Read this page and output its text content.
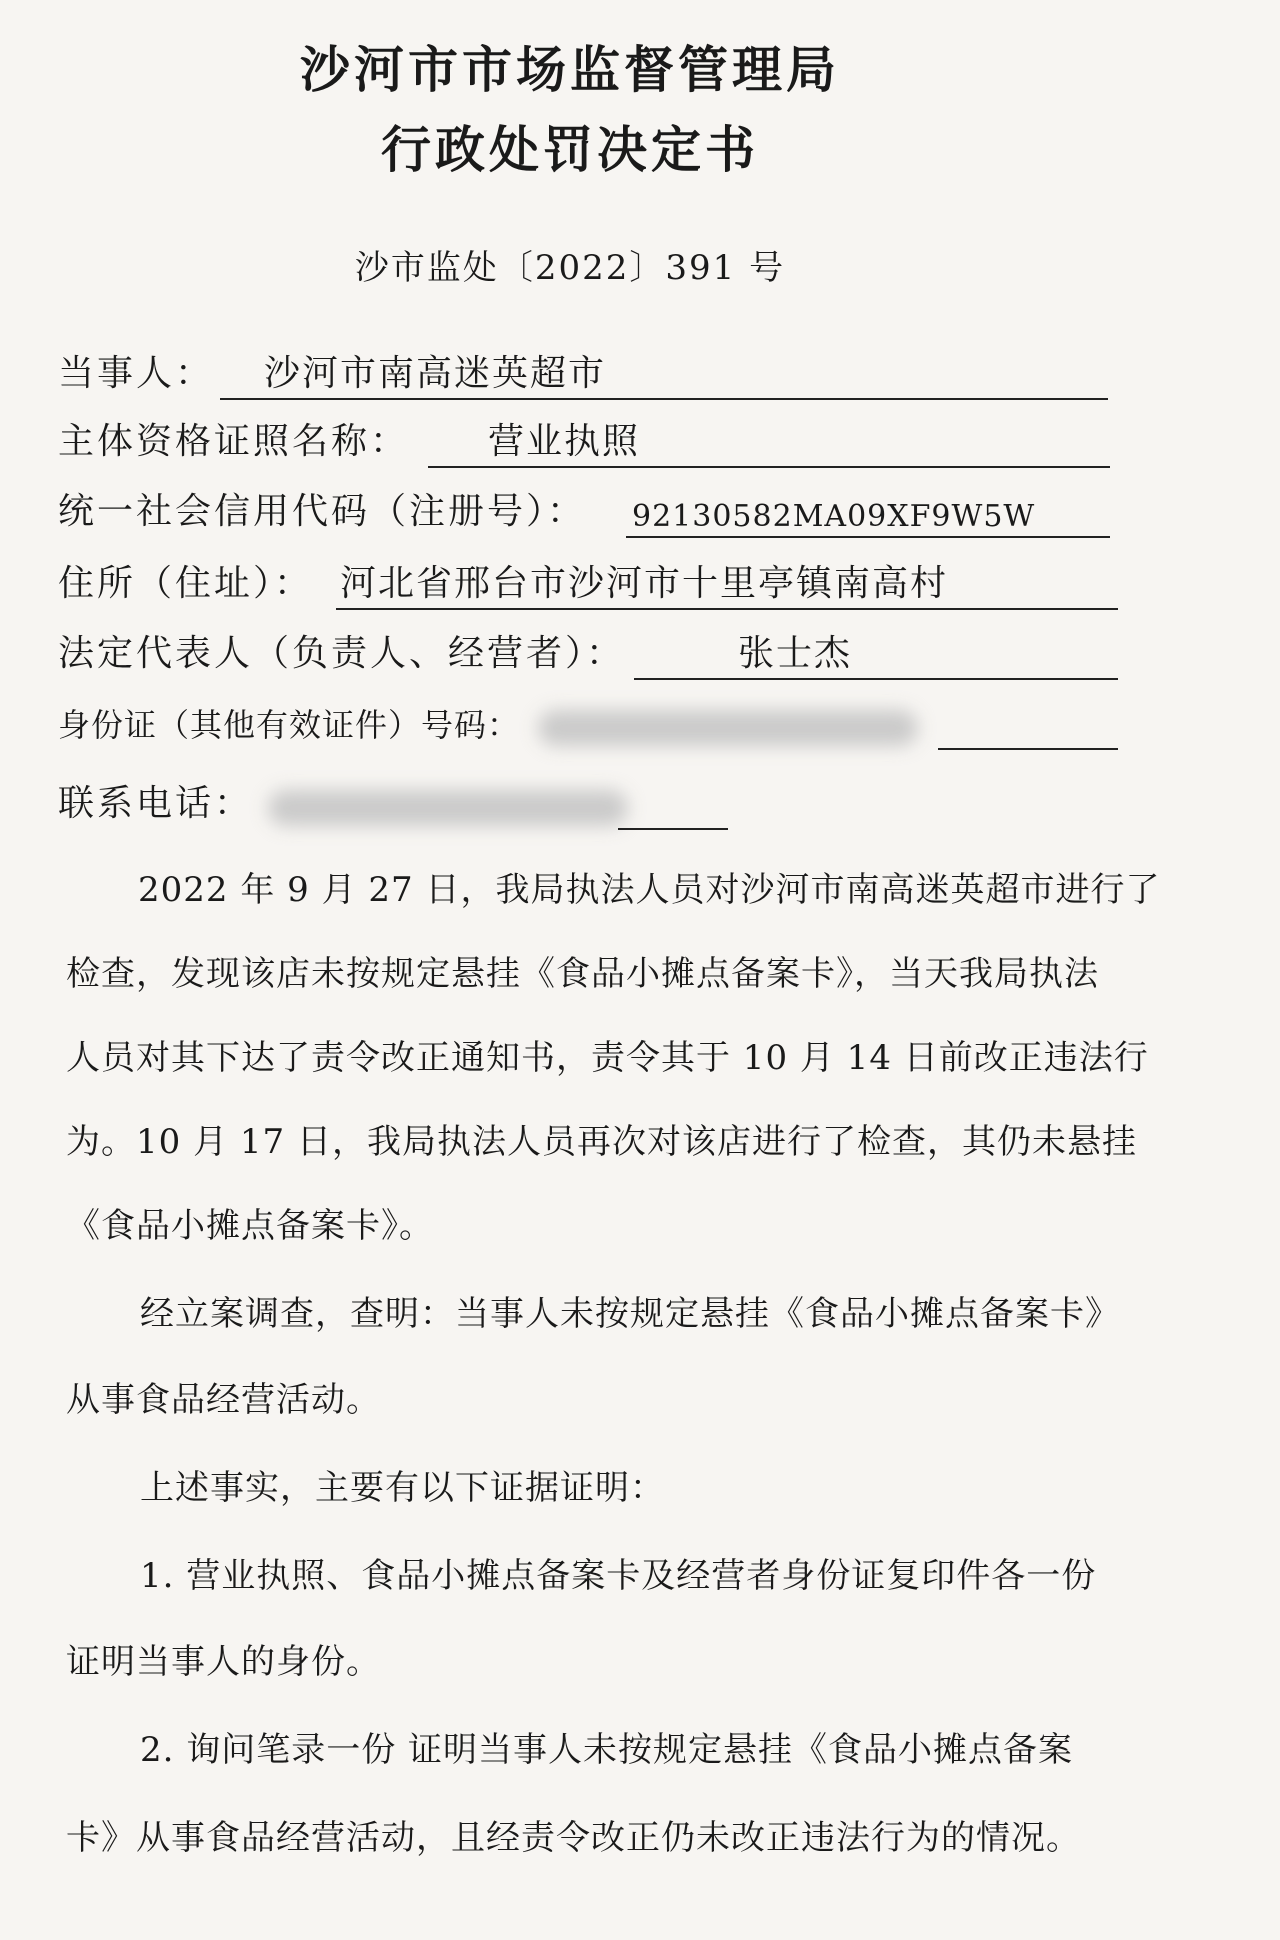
沙河市市场监督管理局
行政处罚决定书
沙市监处〔2022〕391 号
当事人： 沙河市南高迷英超市
主体资格证照名称： 营业执照
统一社会信用代码（注册号）： 92130582MA09XF9W5W
住所（住址）： 河北省邢台市沙河市十里亭镇南高村
法定代表人（负责人、经营者）：	张士杰
身份证（其他有效证件）号码：
联系电话：
2022 年 9 月 27 日，我局执法人员对沙河市南高迷英超市进行了
检查，发现该店未按规定悬挂《食品小摊点备案卡》，当天我局执法
人员对其下达了责令改正通知书，责令其于 10 月 14 日前改正违法行
为。10 月 17 日，我局执法人员再次对该店进行了检查，其仍未悬挂
《食品小摊点备案卡》。
经立案调查，查明：当事人未按规定悬挂《食品小摊点备案卡》
从事食品经营活动。
上述事实，主要有以下证据证明：
1. 营业执照、食品小摊点备案卡及经营者身份证复印件各一份
证明当事人的身份。
2. 询问笔录一份 证明当事人未按规定悬挂《食品小摊点备案
卡》从事食品经营活动，且经责令改正仍未改正违法行为的情况。
